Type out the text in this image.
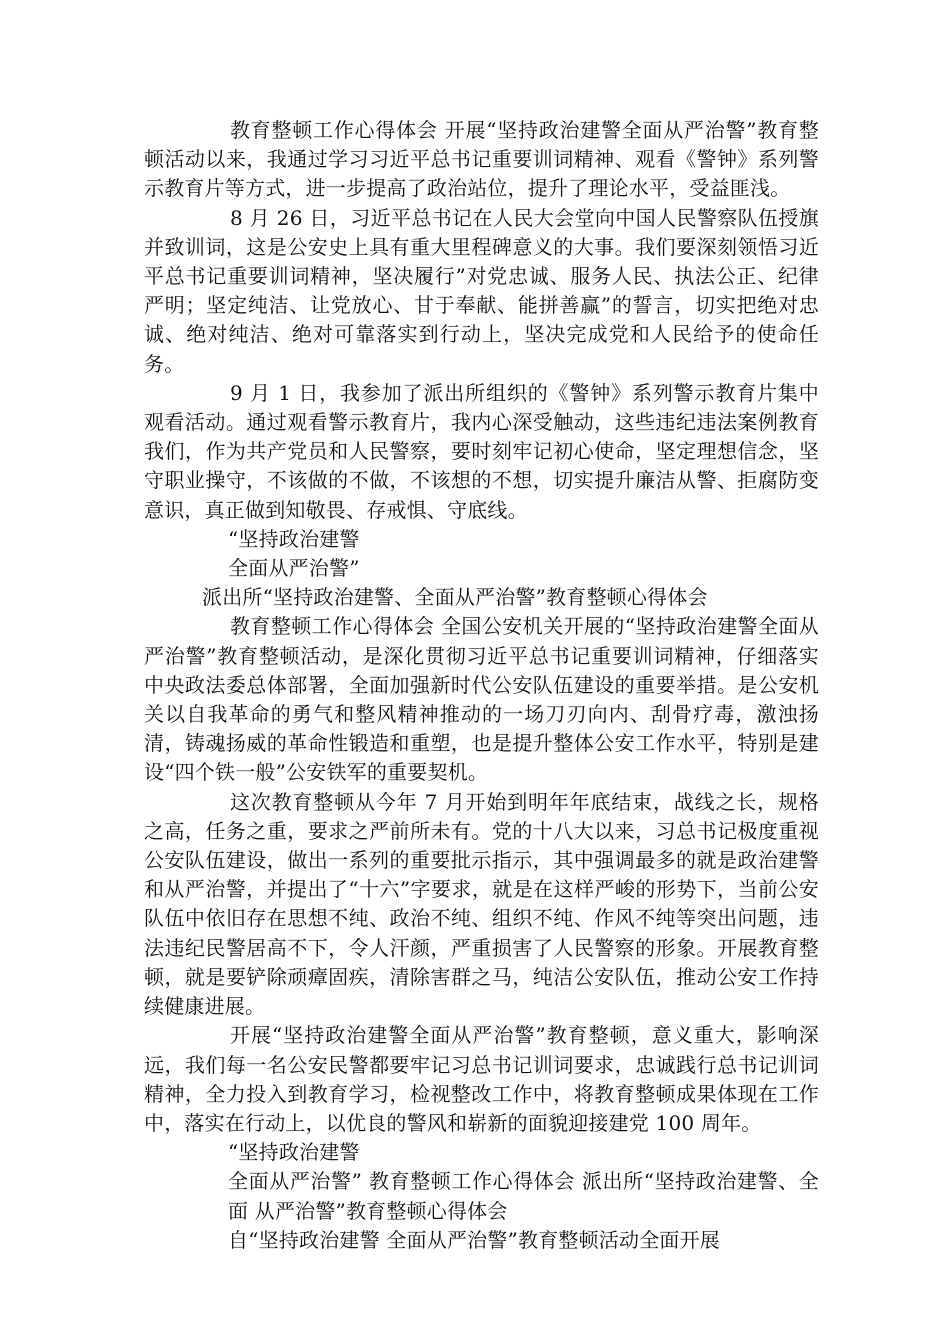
教育整顿工作心得体会 开展“坚持政治建警全面从严治警”教育整顿活动以来，我通过学习习近平总书记重要训词精神、观看《警钟》系列警示教育片等方式，进一步提高了政治站位，提升了理论水平，受益匪浅。

8 月 26 日，习近平总书记在人民大会堂向中国人民警察队伍授旗并致训词，这是公安史上具有重大里程碑意义的大事。我们要深刻领悟习近平总书记重要训词精神，坚决履行”对党忠诚、服务人民、执法公正、纪律严明；坚定纯洁、让党放心、甘于奉献、能拼善赢”的誓言，切实把绝对忠诚、绝对纯洁、绝对可靠落实到行动上，坚决完成党和人民给予的使命任务。

9 月 1 日，我参加了派出所组织的《警钟》系列警示教育片集中观看活动。通过观看警示教育片，我内心深受触动，这些违纪违法案例教育我们，作为共产党员和人民警察，要时刻牢记初心使命，坚定理想信念，坚守职业操守，不该做的不做，不该想的不想，切实提升廉洁从警、拒腐防变意识，真正做到知敬畏、存戒惧、守底线。

“坚持政治建警

全面从严治警”

派出所“坚持政治建警、全面从严治警”教育整顿心得体会

教育整顿工作心得体会 全国公安机关开展的“坚持政治建警全面从严治警”教育整顿活动，是深化贯彻习近平总书记重要训词精神，仔细落实中央政法委总体部署，全面加强新时代公安队伍建设的重要举措。是公安机关以自我革命的勇气和整风精神推动的一场刀刃向内、刮骨疗毒，激浊扬清，铸魂扬威的革命性锻造和重塑，也是提升整体公安工作水平，特别是建设“四个铁一般”公安铁军的重要契机。

这次教育整顿从今年 7 月开始到明年年底结束，战线之长，规格之高，任务之重，要求之严前所未有。党的十八大以来，习总书记极度重视公安队伍建设，做出一系列的重要批示指示，其中强调最多的就是政治建警和从严治警，并提出了“十六”字要求，就是在这样严峻的形势下，当前公安队伍中依旧存在思想不纯、政治不纯、组织不纯、作风不纯等突出问题，违法违纪民警居高不下，令人汗颜，严重损害了人民警察的形象。开展教育整顿，就是要铲除顽瘴固疾，清除害群之马，纯洁公安队伍，推动公安工作持续健康进展。

开展“坚持政治建警全面从严治警”教育整顿，意义重大，影响深远，我们每一名公安民警都要牢记习总书记训词要求，忠诚践行总书记训词精神，全力投入到教育学习，检视整改工作中，将教育整顿成果体现在工作中，落实在行动上，以优良的警风和崭新的面貌迎接建党 100 周年。

“坚持政治建警

全面从严治警” 教育整顿工作心得体会 派出所“坚持政治建警、全面 从严治警”教育整顿心得体会

自“坚持政治建警 全面从严治警”教育整顿活动全面开展
